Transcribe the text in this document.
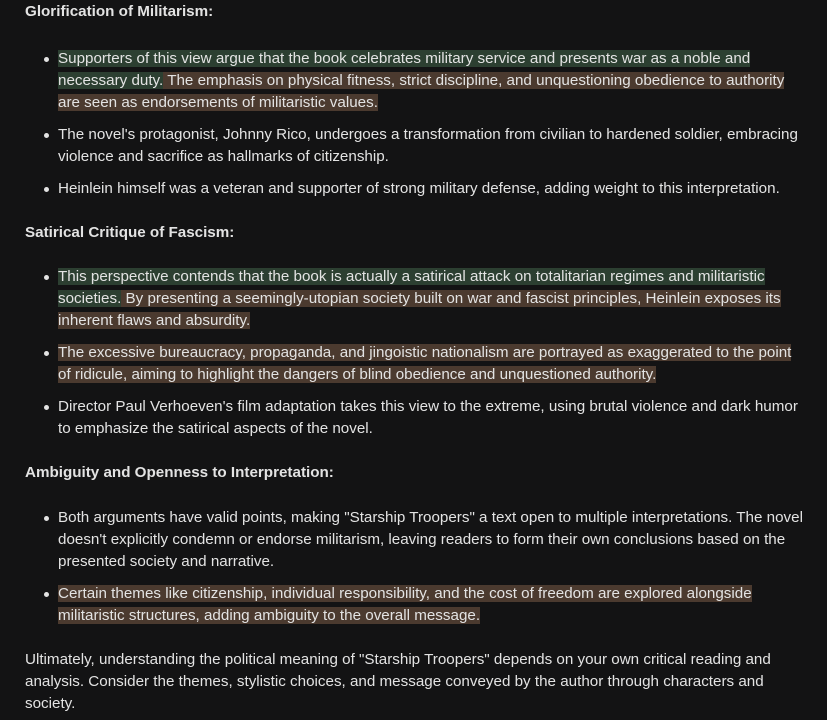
Glorification of Militarism:
Supporters of this view argue that the book celebrates military service and presents war as a noble and necessary duty. The emphasis on physical fitness, strict discipline, and unquestioning obedience to authority are seen as endorsements of militaristic values.
The novel's protagonist, Johnny Rico, undergoes a transformation from civilian to hardened soldier, embracing violence and sacrifice as hallmarks of citizenship.
Heinlein himself was a veteran and supporter of strong military defense, adding weight to this interpretation.
Satirical Critique of Fascism:
This perspective contends that the book is actually a satirical attack on totalitarian regimes and militaristic societies. By presenting a seemingly-utopian society built on war and fascist principles, Heinlein exposes its inherent flaws and absurdity.
The excessive bureaucracy, propaganda, and jingoistic nationalism are portrayed as exaggerated to the point of ridicule, aiming to highlight the dangers of blind obedience and unquestioned authority.
Director Paul Verhoeven's film adaptation takes this view to the extreme, using brutal violence and dark humor to emphasize the satirical aspects of the novel.
Ambiguity and Openness to Interpretation:
Both arguments have valid points, making "Starship Troopers" a text open to multiple interpretations. The novel doesn't explicitly condemn or endorse militarism, leaving readers to form their own conclusions based on the presented society and narrative.
Certain themes like citizenship, individual responsibility, and the cost of freedom are explored alongside militaristic structures, adding ambiguity to the overall message.

Ultimately, understanding the political meaning of "Starship Troopers" depends on your own critical reading and analysis. Consider the themes, stylistic choices, and message conveyed by the author through characters and society.
